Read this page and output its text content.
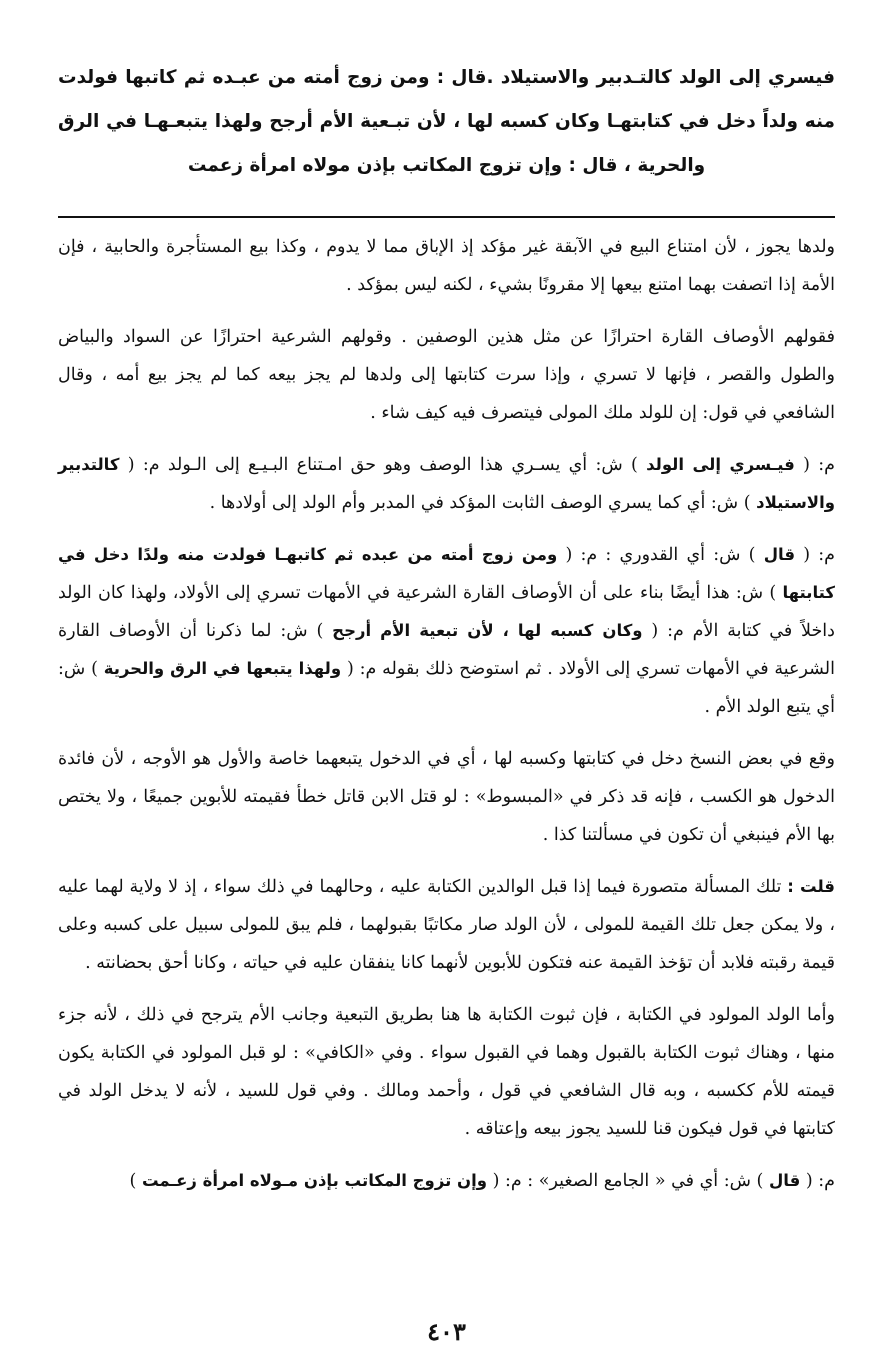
فيسري إلى الولد كالتـدبير والاستيلاد .قال : ومن زوج أمته من عبـده ثم كاتبها فولدت منه ولداً دخل في كتابتهـا وكان كسبه لها ، لأن تبـعية الأم أرجح ولهذا يتبعـهـا في الرق والحرية ، قال : وإن تزوج المكاتب بإذن مولاه امرأة زعمت

ولدها يجوز ، لأن امتناع البيع في الآبقة غير مؤكد إذ الإباق مما لا يدوم ، وكذا بيع المستأجرة والحابية ، فإن الأمة إذا اتصفت بهما امتنع بيعها إلا مقرونًا بشيء ، لكنه ليس بمؤكد .

فقولهم الأوصاف القارة احترازًا عن مثل هذين الوصفين . وقولهم الشرعية احترازًا عن السواد والبياض والطول والقصر ، فإنها لا تسري ، وإذا سرت كتابتها إلى ولدها لم يجز بيعه كما لم يجز بيع أمه ، وقال الشافعي في قول: إن للولد ملك المولى فيتصرف فيه كيف شاء .

م: ( فيـسري إلى الولد ) ش: أي يسـري هذا الوصف وهو حق امـتناع البـيـع إلى الـولد م: ( كالتدبير والاستيلاد ) ش: أي كما يسري الوصف الثابت المؤكد في المدبر وأم الولد إلى أولادها .

م: ( قال ) ش: أي القدوري : م: ( ومن زوج أمته من عبده ثم كاتبهـا فولدت منه ولدًا دخل في كتابتها ) ش: هذا أيضًا بناء على أن الأوصاف القارة الشرعية في الأمهات تسري إلى الأولاد، ولهذا كان الولد داخلاً في كتابة الأم م: ( وكان كسبه لها ، لأن تبعية الأم أرجح ) ش: لما ذكرنا أن الأوصاف القارة الشرعية في الأمهات تسري إلى الأولاد . ثم استوضح ذلك بقوله م: ( ولهذا يتبعها في الرق والحرية ) ش: أي يتبع الولد الأم .

وقع في بعض النسخ دخل في كتابتها وكسبه لها ، أي في الدخول يتبعهما خاصة والأول هو الأوجه ، لأن فائدة الدخول هو الكسب ، فإنه قد ذكر في «المبسوط» : لو قتل الابن قاتل خطأ فقيمته للأبوين جميعًا ، ولا يختص بها الأم فينبغي أن تكون في مسألتنا كذا .

قلت : تلك المسألة متصورة فيما إذا قبل الوالدين الكتابة عليه ، وحالهما في ذلك سواء ، إذ لا ولاية لهما عليه ، ولا يمكن جعل تلك القيمة للمولى ، لأن الولد صار مكاتبًا بقبولهما ، فلم يبق للمولى سبيل على كسبه وعلى قيمة رقبته فلابد أن تؤخذ القيمة عنه فتكون للأبوين لأنهما كانا ينفقان عليه في حياته ، وكانا أحق بحضانته .

وأما الولد المولود في الكتابة ، فإن ثبوت الكتابة ها هنا بطريق التبعية وجانب الأم يترجح في ذلك ، لأنه جزء منها ، وهناك ثبوت الكتابة بالقبول وهما في القبول سواء . وفي «الكافي» : لو قبل المولود في الكتابة يكون قيمته للأم ككسبه ، وبه قال الشافعي في قول ، وأحمد ومالك . وفي قول للسيد ، لأنه لا يدخل الولد في كتابتها في قول فيكون قنا للسيد يجوز بيعه وإعتاقه .

م: ( قال ) ش: أي في « الجامع الصغير» : م: ( وإن تزوج المكاتب بإذن مـولاه امرأة زعـمت )

٤٠٣
